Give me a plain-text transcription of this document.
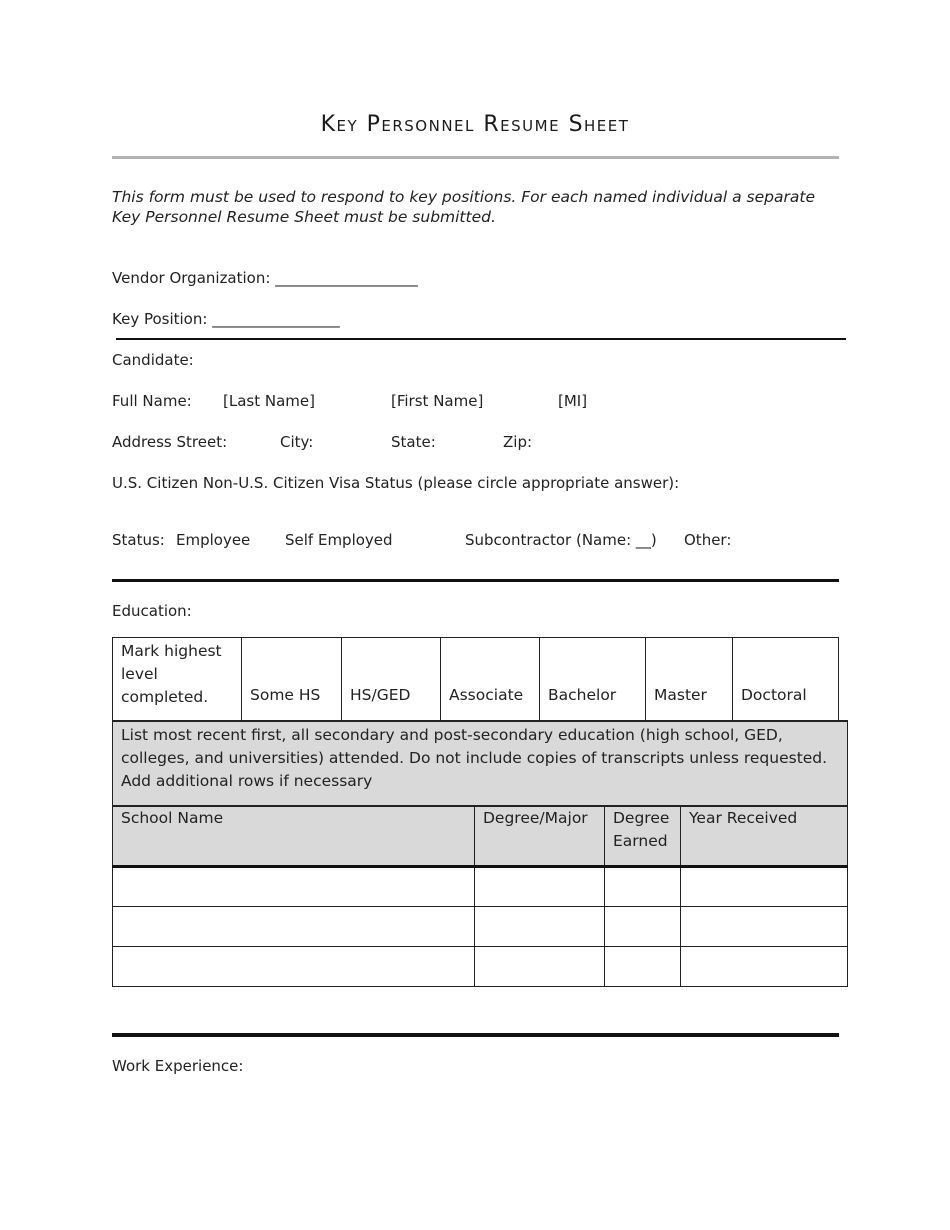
Key Personnel Resume Sheet
This form must be used to respond to key positions. For each named individual a separate Key Personnel Resume Sheet must be submitted.
Vendor Organization: ___________________
Key Position: _________________
Candidate:
Full Name: [Last Name]	[First Name]	[MI]
Address Street:	City:	State:	Zip:
U.S. Citizen Non-U.S. Citizen Visa Status (please circle appropriate answer):
Status: Employee Self Employed	Subcontractor (Name: __) Other:
Education:
Mark highest level completed.	Some HS	HS/GED	Associate	Bachelor	Master	Doctoral
List most recent first, all secondary and post-secondary education (high school, GED, colleges, and universities) attended. Do not include copies of transcripts unless requested. Add additional rows if necessary			
School Name	Degree/Major	Degree Earned	Year Received

Work Experience:
